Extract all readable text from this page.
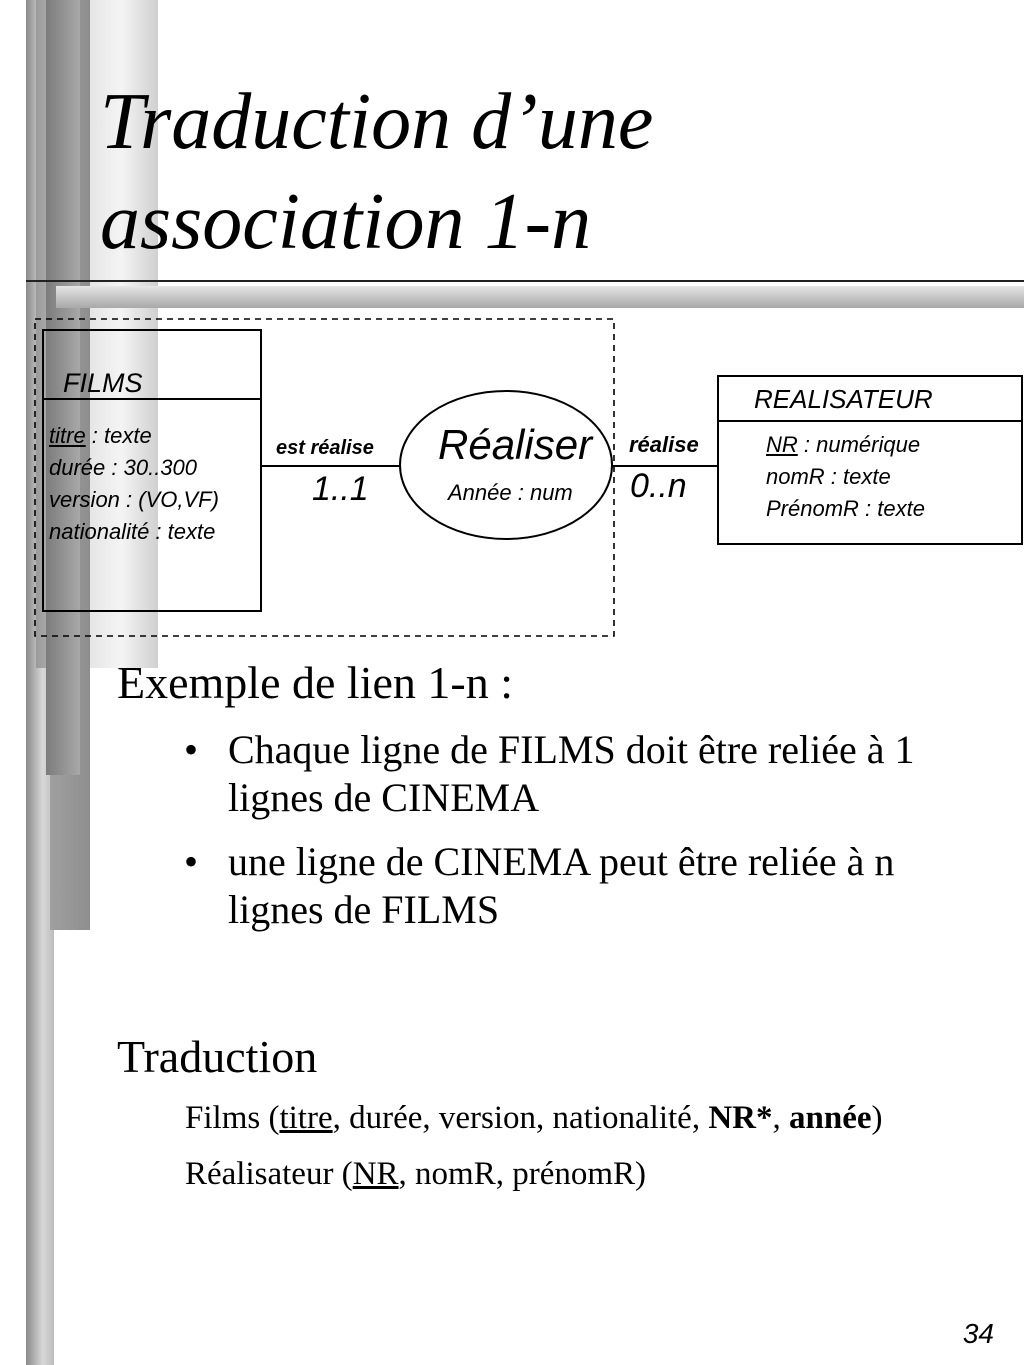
Traduction d’une
association 1-n
FILMS
titre : texte
durée : 30..300
version : (VO,VF)
nationalité : texte
est réalise
1..1
Réaliser
Année : num
réalise
0..n
REALISATEUR
NR : numérique
nomR : texte
PrénomR : texte
Exemple de lien 1-n :
• Chaque ligne de FILMS doit être reliée à 1
lignes de CINEMA
• une ligne de CINEMA peut être reliée à n
lignes de FILMS
Traduction
Films (titre, durée, version, nationalité, NR*, année)
Réalisateur (NR, nomR, prénomR)
34
